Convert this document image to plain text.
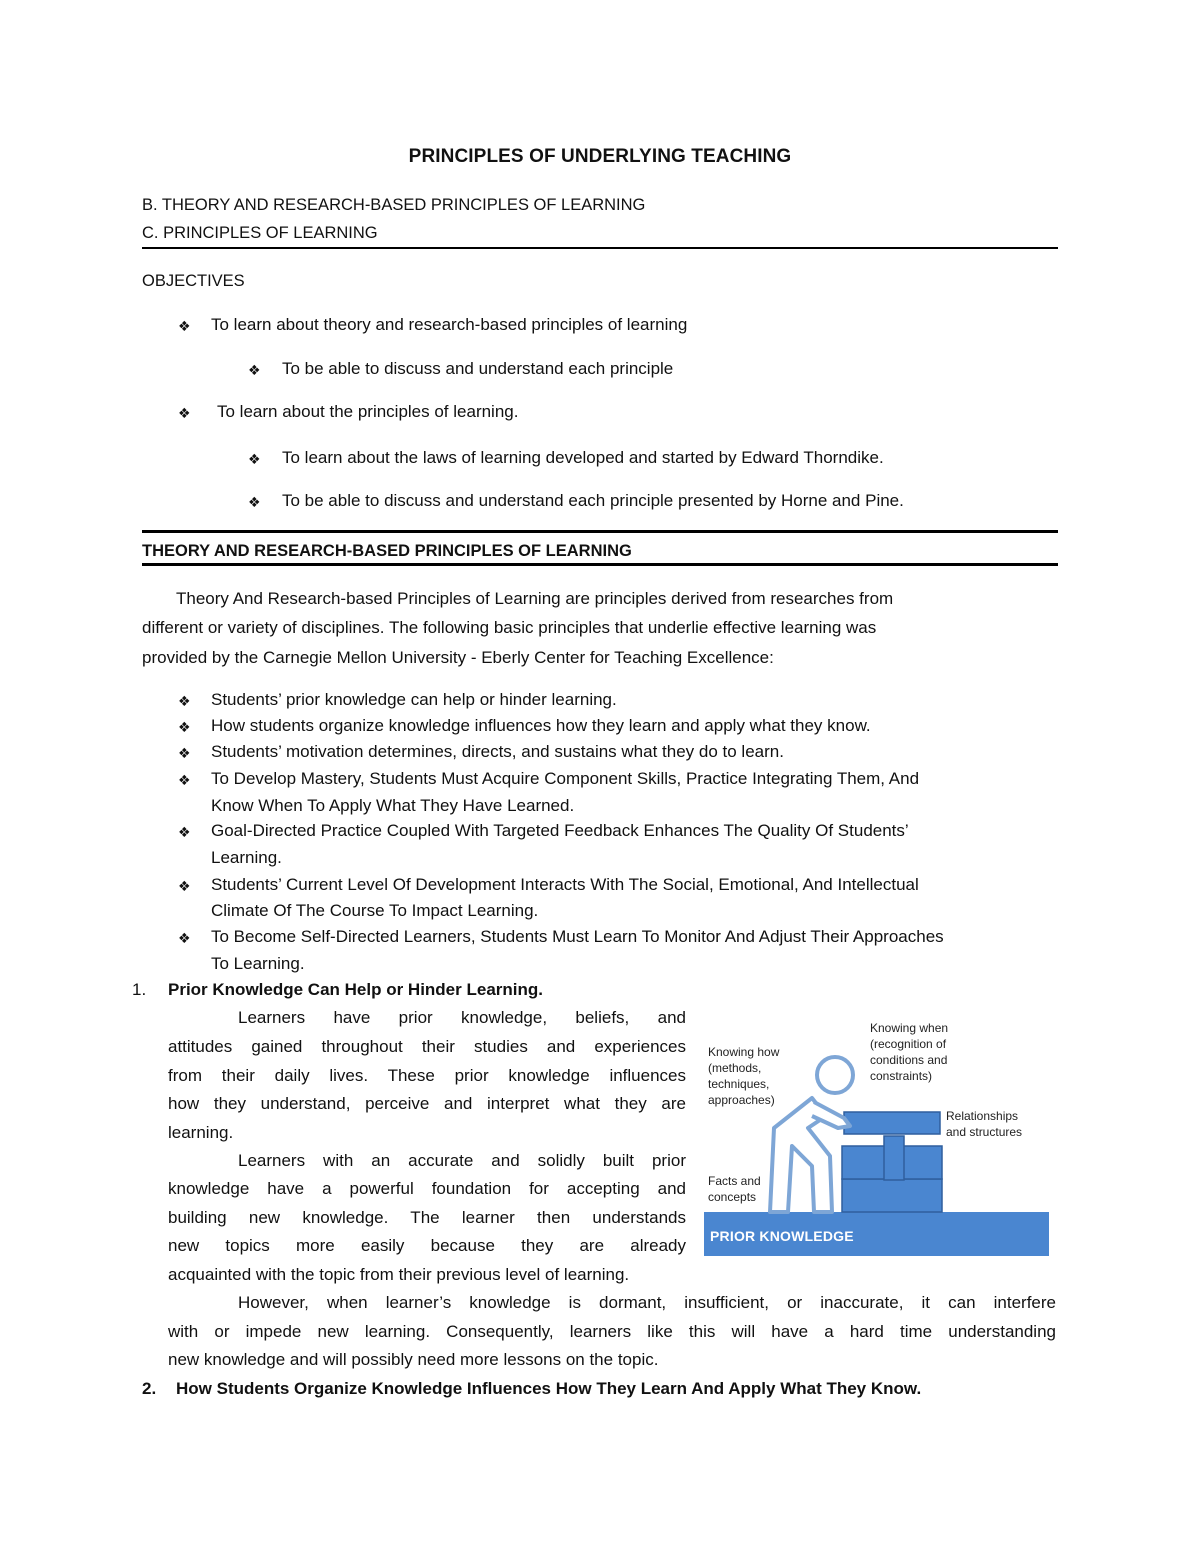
PRINCIPLES OF UNDERLYING TEACHING
B. THEORY AND RESEARCH-BASED PRINCIPLES OF LEARNING
C. PRINCIPLES OF LEARNING
OBJECTIVES
❖ To learn about theory and research-based principles of learning
❖ To be able to discuss and understand each principle
❖ To learn about the principles of learning.
❖ To learn about the laws of learning developed and started by Edward Thorndike.
❖ To be able to discuss and understand each principle presented by Horne and Pine.
THEORY AND RESEARCH-BASED PRINCIPLES OF LEARNING
Theory And Research-based Principles of Learning are principles derived from researches from
different or variety of disciplines. The following basic principles that underlie effective learning was
provided by the Carnegie Mellon University - Eberly Center for Teaching Excellence:
❖ Students’ prior knowledge can help or hinder learning.
❖ How students organize knowledge influences how they learn and apply what they know.
❖ Students’ motivation determines, directs, and sustains what they do to learn.
❖ To Develop Mastery, Students Must Acquire Component Skills, Practice Integrating Them, And
Know When To Apply What They Have Learned.
❖ Goal-Directed Practice Coupled With Targeted Feedback Enhances The Quality Of Students’
Learning.
❖ Students’ Current Level Of Development Interacts With The Social, Emotional, And Intellectual
Climate Of The Course To Impact Learning.
❖ To Become Self-Directed Learners, Students Must Learn To Monitor And Adjust Their Approaches
To Learning.
1. Prior Knowledge Can Help or Hinder Learning.
Learners have prior knowledge, beliefs, and
attitudes gained throughout their studies and experiences
from their daily lives. These prior knowledge influences
how they understand, perceive and interpret what they are
learning.
Learners with an accurate and solidly built prior
knowledge have a powerful foundation for accepting and
building new knowledge. The learner then understands
new topics more easily because they are already
acquainted with the topic from their previous level of learning.
However, when learner’s knowledge is dormant, insufficient, or inaccurate, it can interfere
with or impede new learning. Consequently, learners like this will have a hard time understanding
new knowledge and will possibly need more lessons on the topic.
2. How Students Organize Knowledge Influences How They Learn And Apply What They Know.
Knowing how
(methods,
techniques,
approaches)
Knowing when
(recognition of
conditions and
constraints)
Relationships
and structures
Facts and
concepts
PRIOR KNOWLEDGE
